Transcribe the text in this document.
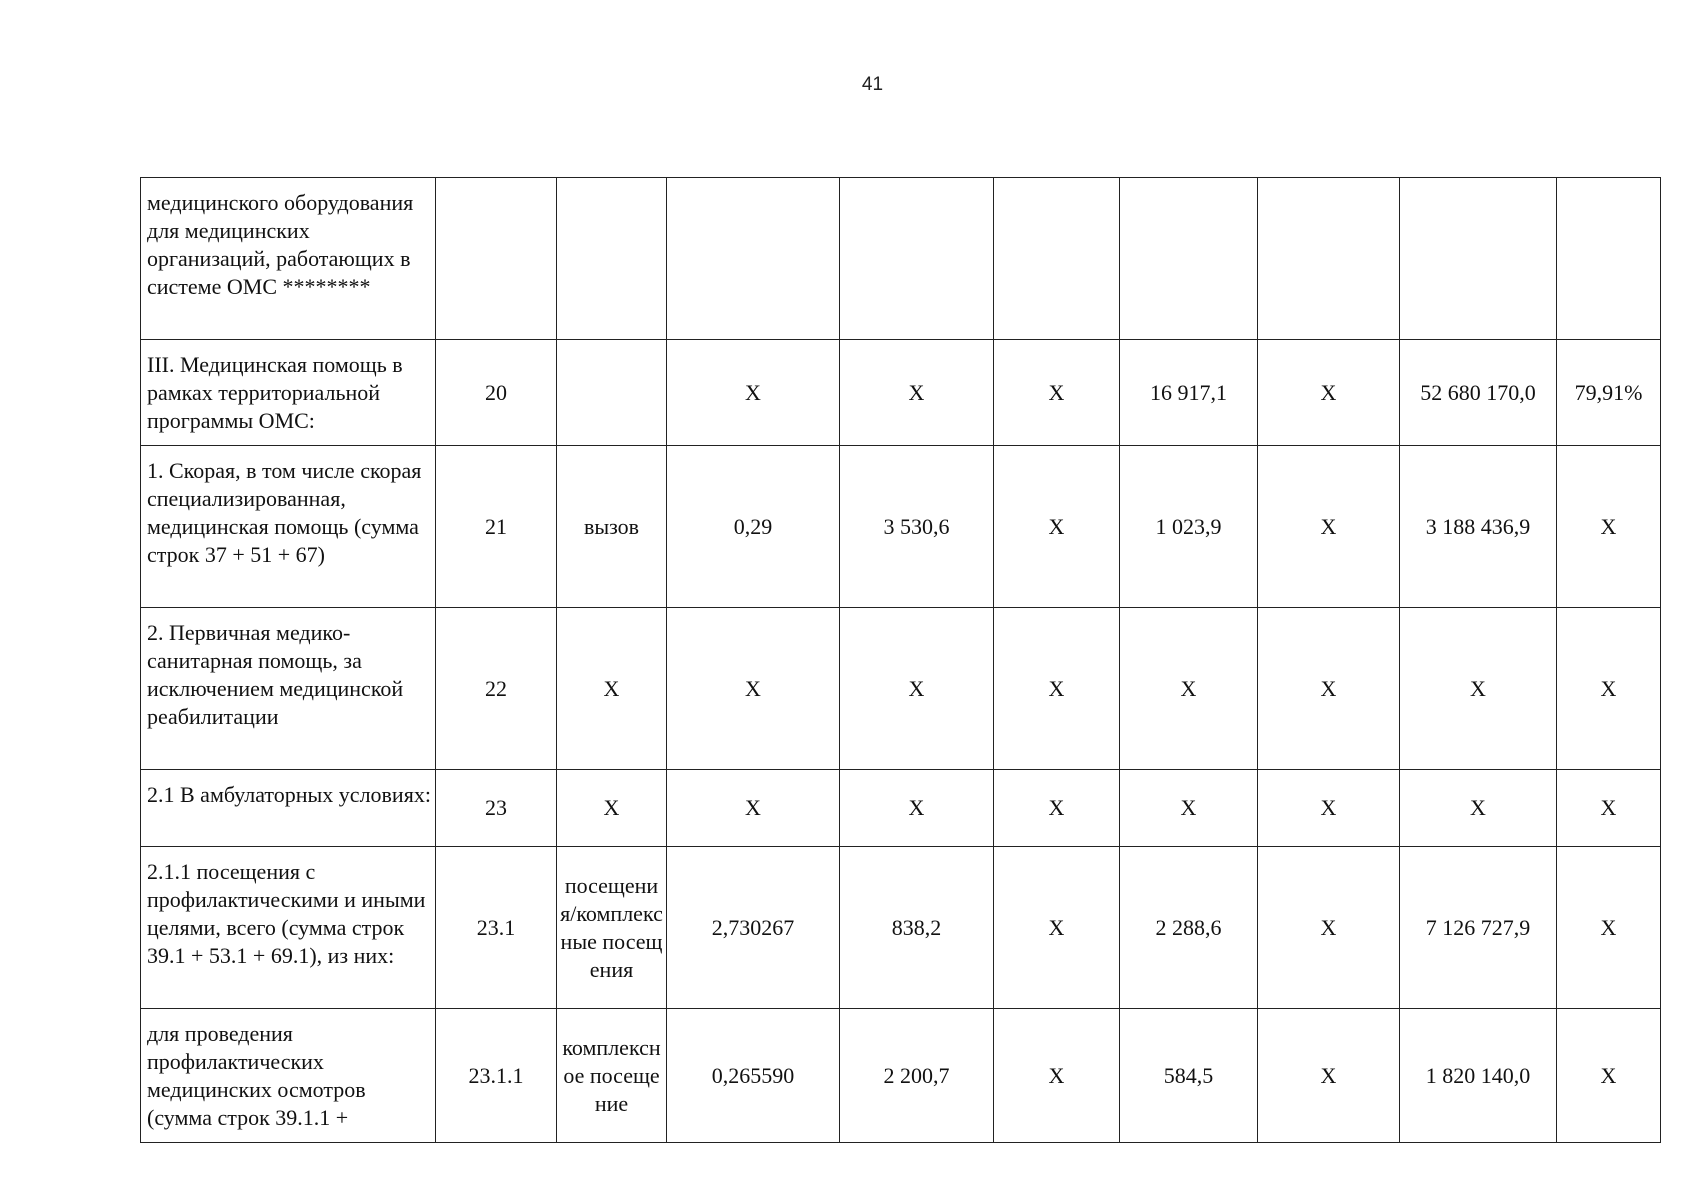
41
медицинского оборудования для медицинских организаций, работающих в системе ОМС ********									
III. Медицинская помощь в рамках территориальной программы ОМС:	20		X	X	X	16 917,1	X	52 680 170,0	79,91%
1. Скорая, в том числе скорая специализированная, медицинская помощь (сумма строк 37 + 51 + 67)	21	вызов	0,29	3 530,6	X	1 023,9	X	3 188 436,9	X
2. Первичная медико-санитарная помощь, за исключением медицинской реабилитации	22	X	X	X	X	X	X	X	X
2.1 В амбулаторных условиях:	23	X	X	X	X	X	X	X	X
2.1.1 посещения с профилактическими и иными целями, всего (сумма строк 39.1 + 53.1 + 69.1), из них:	23.1	посещения/комплексные посещения	2,730267	838,2	X	2 288,6	X	7 126 727,9	X
для проведения профилактических медицинских осмотров (сумма строк 39.1.1 +	23.1.1	комплексное посещение	0,265590	2 200,7	X	584,5	X	1 820 140,0	X
